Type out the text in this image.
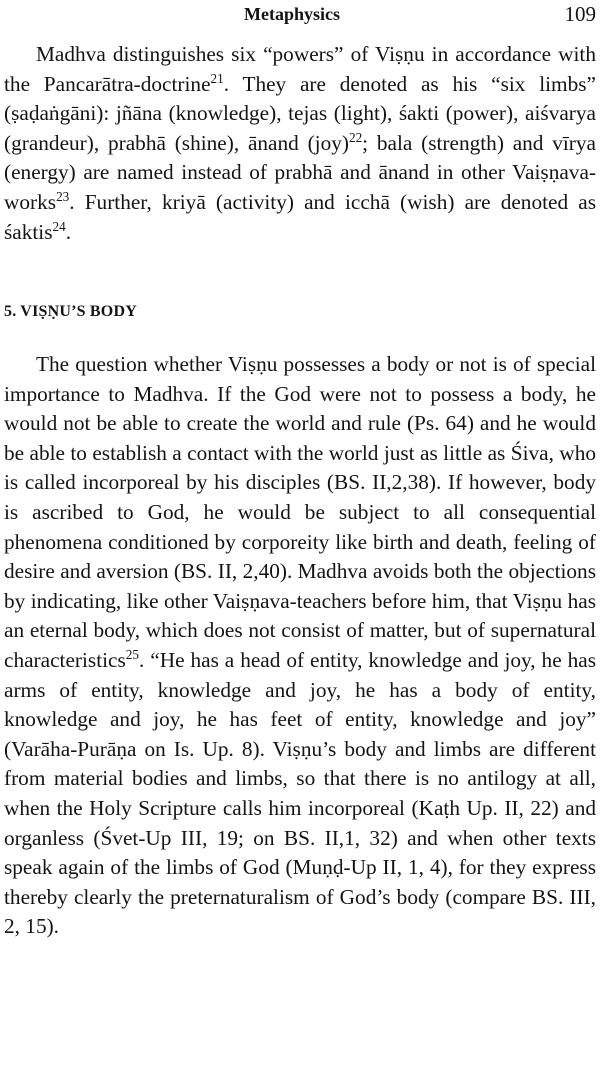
Metaphysics	109

Madhva distinguishes six “powers” of Viṣṇu in accordance with the Pancarātra-doctrine$^{21}$. They are denoted as his “six limbs” (ṣaḍaṅgāni): jñāna (knowledge), tejas (light), śakti (power), aiśvarya (grandeur), prabhā (shine), ānand (joy)$^{22}$; bala (strength) and vīrya (energy) are named instead of prabhā and ānand in other Vaiṣṇava-works$^{23}$. Further, kriyā (activity) and icchā (wish) are denoted as śaktis$^{24}$.

5. VIṢṆU’S BODY

The question whether Viṣṇu possesses a body or not is of special importance to Madhva. If the God were not to possess a body, he would not be able to create the world and rule (Ps. 64) and he would be able to establish a contact with the world just as little as Śiva, who is called incorporeal by his disciples (BS. II,2,38). If however, body is ascribed to God, he would be subject to all consequential phenomena conditioned by corporeity like birth and death, feeling of desire and aversion (BS. II, 2,40). Madhva avoids both the objections by indicating, like other Vaiṣṇava-teachers before him, that Viṣṇu has an eternal body, which does not consist of matter, but of supernatural characteristics$^{25}$. “He has a head of entity, knowledge and joy, he has arms of entity, knowledge and joy, he has a body of entity, knowledge and joy, he has feet of entity, knowledge and joy” (Varāha-Purāṇa on Is. Up. 8). Viṣṇu’s body and limbs are different from material bodies and limbs, so that there is no antilogy at all, when the Holy Scripture calls him incorporeal (Kaṭh Up. II, 22) and organless (Śvet-Up III, 19; on BS. II,1, 32) and when other texts speak again of the limbs of God (Muṇḍ-Up II, 1, 4), for they express thereby clearly the preternaturalism of God’s body (compare BS. III, 2, 15).
